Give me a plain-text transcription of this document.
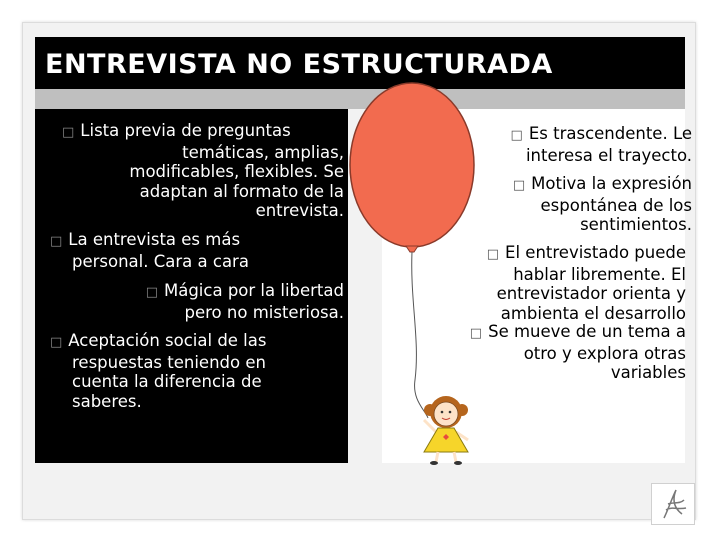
ENTREVISTA NO ESTRUCTURADA
□ Lista previa de preguntas
temáticas, amplias,
modificables, flexibles. Se
adaptan al formato de la
entrevista.
□ La entrevista es más
personal. Cara a cara
□ Mágica por la libertad
pero no misteriosa.
□ Aceptación social de las
respuestas teniendo en
cuenta la diferencia de
saberes.
□ Es trascendente. Le
interesa el trayecto.
□ Motiva la expresión
espontánea de los
sentimientos.
□ El entrevistado puede
hablar libremente. El
entrevistador orienta y
ambienta el desarrollo
□ Se mueve de un tema a
otro y explora otras
variables
